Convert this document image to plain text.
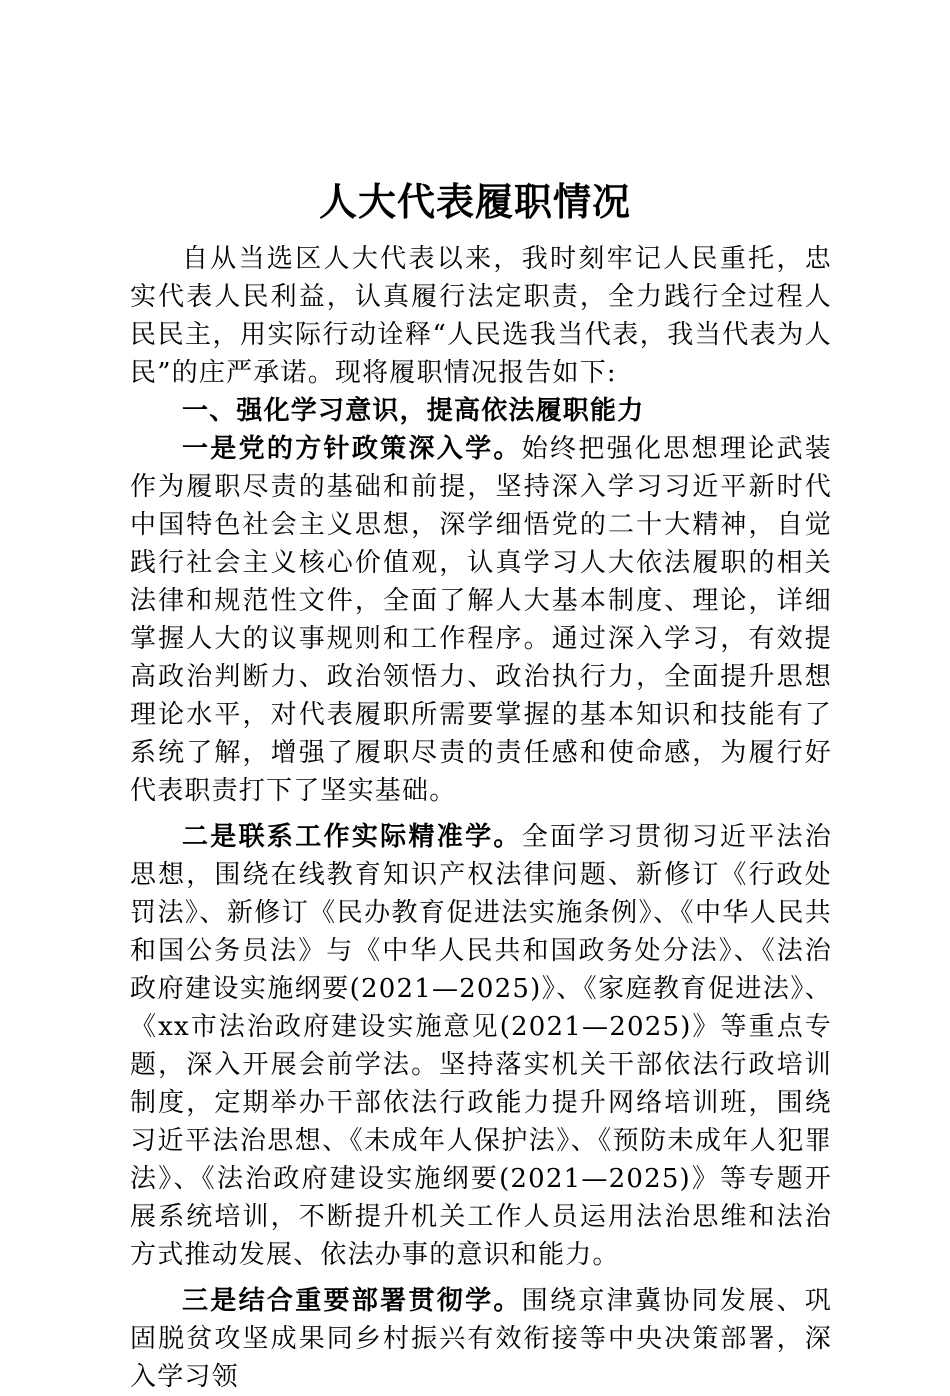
人大代表履职情况

自从当选区人大代表以来，我时刻牢记人民重托，忠实代表人民利益，认真履行法定职责，全力践行全过程人民民主，用实际行动诠释“人民选我当代表，我当代表为人民”的庄严承诺。现将履职情况报告如下:

一、强化学习意识，提高依法履职能力

一是党的方针政策深入学。始终把强化思想理论武装作为履职尽责的基础和前提，坚持深入学习习近平新时代中国特色社会主义思想，深学细悟党的二十大精神，自觉践行社会主义核心价值观，认真学习人大依法履职的相关法律和规范性文件，全面了解人大基本制度、理论，详细掌握人大的议事规则和工作程序。通过深入学习，有效提高政治判断力、政治领悟力、政治执行力，全面提升思想理论水平，对代表履职所需要掌握的基本知识和技能有了系统了解，增强了履职尽责的责任感和使命感，为履行好代表职责打下了坚实基础。

二是联系工作实际精准学。全面学习贯彻习近平法治思想，围绕在线教育知识产权法律问题、新修订《行政处罚法》、新修订《民办教育促进法实施条例》、《中华人民共和国公务员法》与《中华人民共和国政务处分法》、《法治政府建设实施纲要(2021—2025)》、《家庭教育促进法》、《xx市法治政府建设实施意见(2021—2025)》等重点专题，深入开展会前学法。坚持落实机关干部依法行政培训制度，定期举办干部依法行政能力提升网络培训班，围绕习近平法治思想、《未成年人保护法》、《预防未成年人犯罪法》、《法治政府建设实施纲要(2021—2025)》等专题开展系统培训，不断提升机关工作人员运用法治思维和法治方式推动发展、依法办事的意识和能力。

三是结合重要部署贯彻学。围绕京津冀协同发展、巩固脱贫攻坚成果同乡村振兴有效衔接等中央决策部署，深入学习领
